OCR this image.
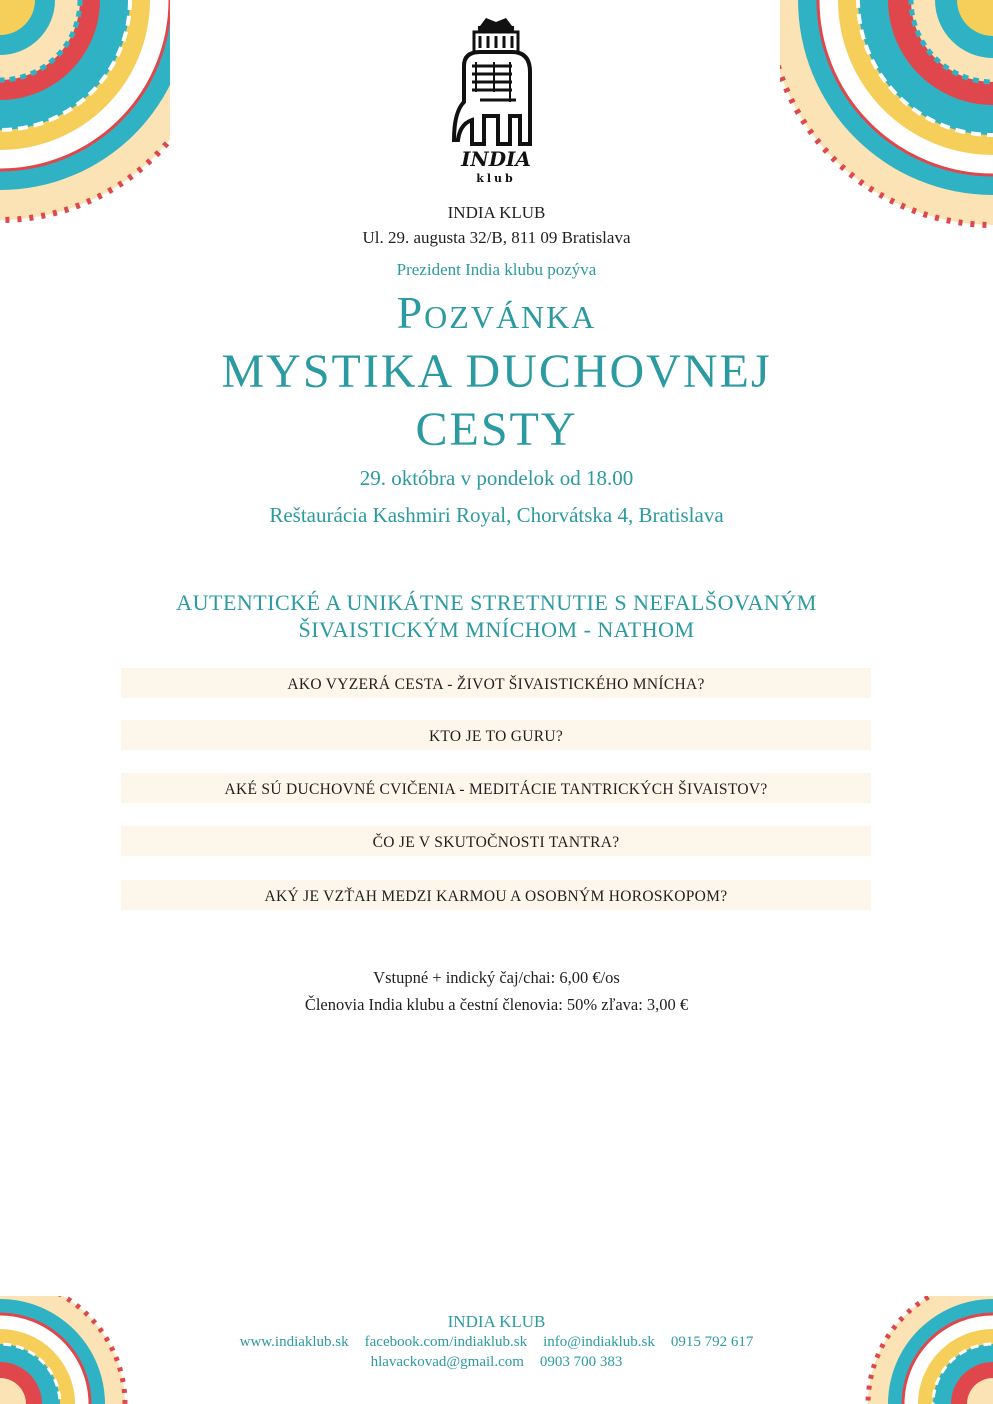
INDIA
klub
INDIA KLUB
Ul. 29. augusta 32/B, 811 09 Bratislava
Prezident India klubu pozýva
Pozvánka
MYSTIKA DUCHOVNEJ
CESTY
29. októbra v pondelok od 18.00
Reštaurácia Kashmiri Royal, Chorvátska 4, Bratislava
AUTENTICKÉ A UNIKÁTNE STRETNUTIE S NEFALŠOVANÝM
ŠIVAISTICKÝM MNÍCHOM - NATHOM
AKO VYZERÁ CESTA - ŽIVOT ŠIVAISTICKÉHO MNÍCHA?
KTO JE TO GURU?
AKÉ SÚ DUCHOVNÉ CVIČENIA - MEDITÁCIE TANTRICKÝCH ŠIVAISTOV?
ČO JE V SKUTOČNOSTI TANTRA?
AKÝ JE VZŤAH MEDZI KARMOU A OSOBNÝM HOROSKOPOM?
Vstupné + indický čaj/chai: 6,00 €/os
Členovia India klubu a čestní členovia: 50% zľava: 3,00 €
INDIA KLUB
www.indiaklub.sk facebook.com/indiaklub.sk info@indiaklub.sk 0915 792 617
hlavackovad@gmail.com 0903 700 383
